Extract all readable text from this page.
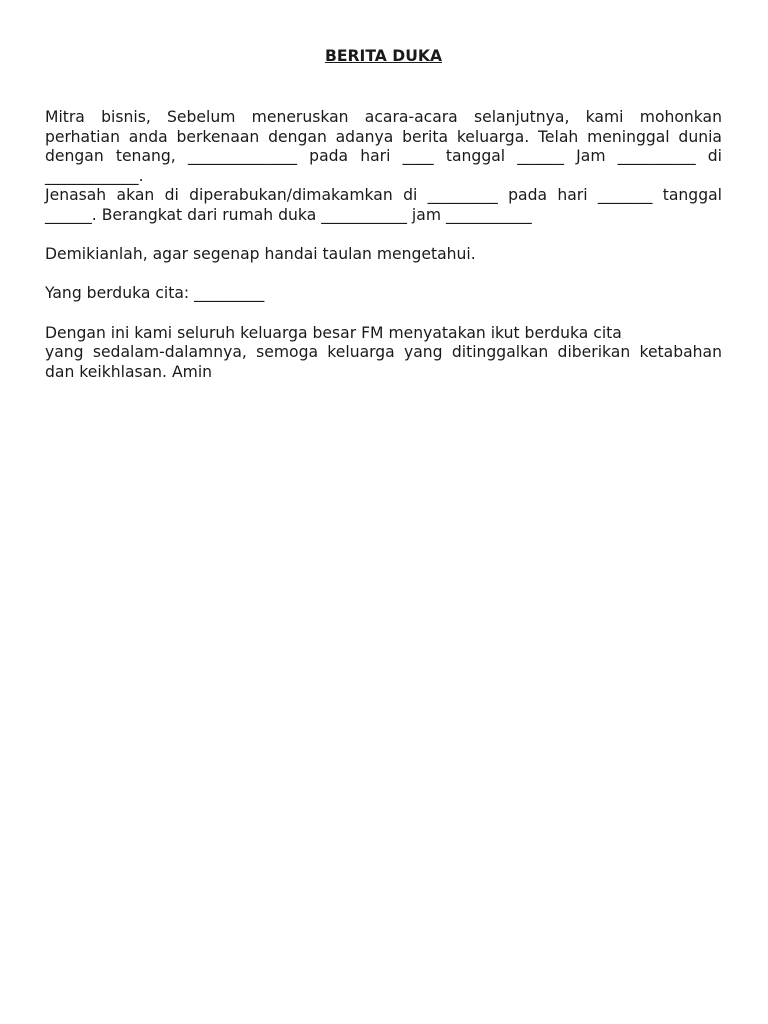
BERITA DUKA
Mitra bisnis, Sebelum meneruskan acara-acara selanjutnya, kami mohonkan perhatian anda berkenaan dengan adanya berita keluarga. Telah meninggal dunia dengan tenang, ______________ pada hari ____ tanggal ______ Jam __________ di ____________.
Jenasah akan di diperabukan/dimakamkan di _________ pada hari _______ tanggal ______. Berangkat dari rumah duka ___________ jam ___________
Demikianlah, agar segenap handai taulan mengetahui.
Yang berduka cita: _________
Dengan ini kami seluruh keluarga besar FM menyatakan ikut berduka cita
yang sedalam-dalamnya, semoga keluarga yang ditinggalkan diberikan ketabahan dan keikhlasan. Amin
